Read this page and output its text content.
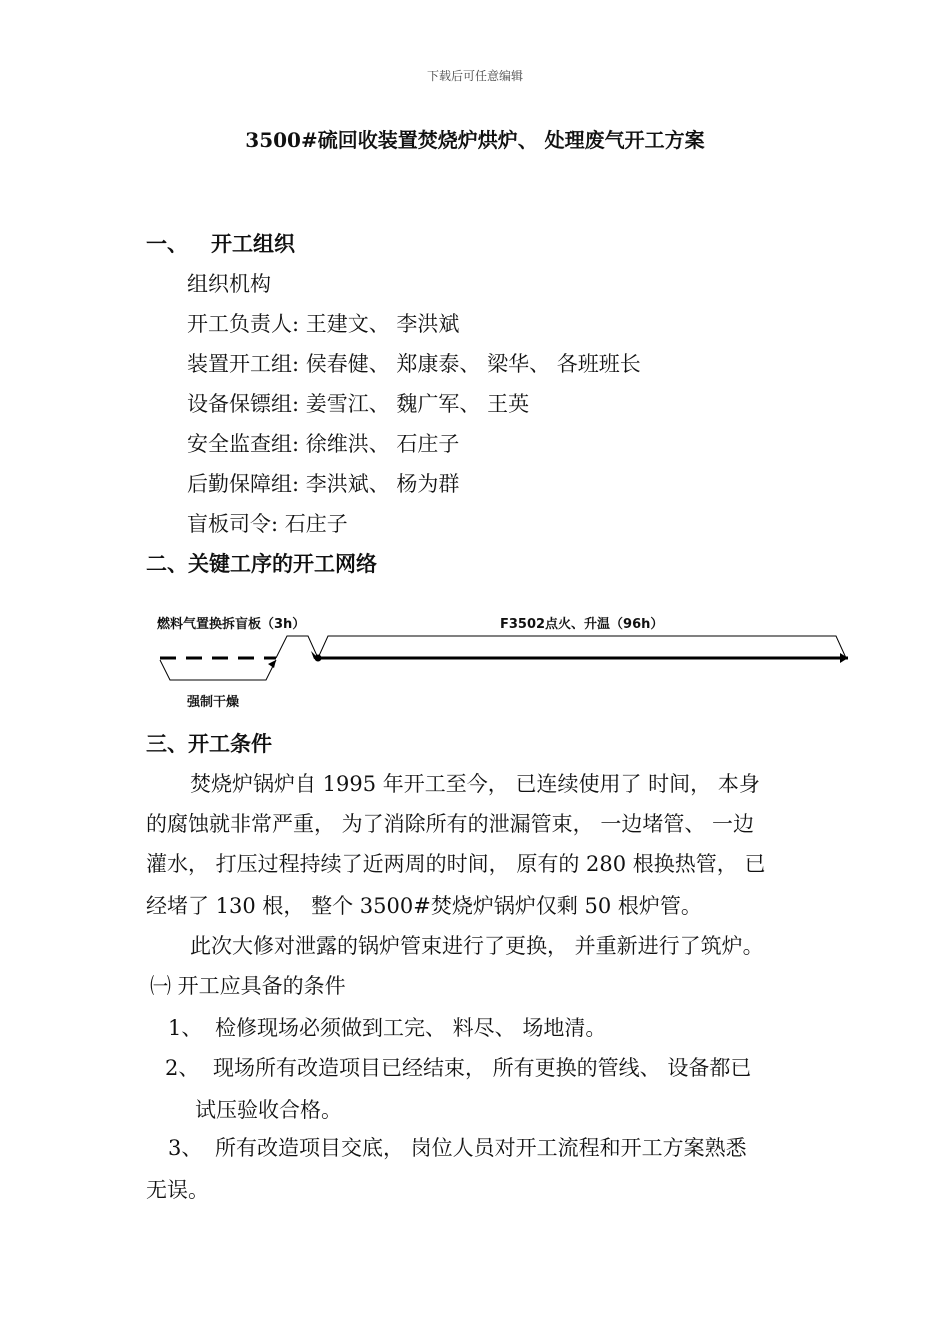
下载后可任意编辑
3500#硫回收装置焚烧炉烘炉、 处理废气开工方案
一、 开工组织
组织机构
开工负责人: 王建文、 李洪斌
装置开工组: 侯春健、 郑康泰、 梁华、 各班班长
设备保镖组: 姜雪江、 魏广军、 王英
安全监查组: 徐维洪、 石庄子
后勤保障组: 李洪斌、 杨为群
盲板司令: 石庄子
二、关键工序的开工网络
燃料气置换拆盲板（3h）	F3502点火、升温（96h）
强制干燥
三、开工条件
焚烧炉锅炉自 1995 年开工至今， 已连续使用了 时间， 本身
的腐蚀就非常严重， 为了消除所有的泄漏管束， 一边堵管、 一边
灌水， 打压过程持续了近两周的时间， 原有的 280 根换热管， 已
经堵了 130 根， 整个 3500#焚烧炉锅炉仅剩 50 根炉管。
此次大修对泄露的锅炉管束进行了更换， 并重新进行了筑炉。
㈠ 开工应具备的条件
1、 检修现场必须做到工完、 料尽、 场地清。
2、 现场所有改造项目已经结束， 所有更换的管线、 设备都已
试压验收合格。
3、 所有改造项目交底， 岗位人员对开工流程和开工方案熟悉
无误。
